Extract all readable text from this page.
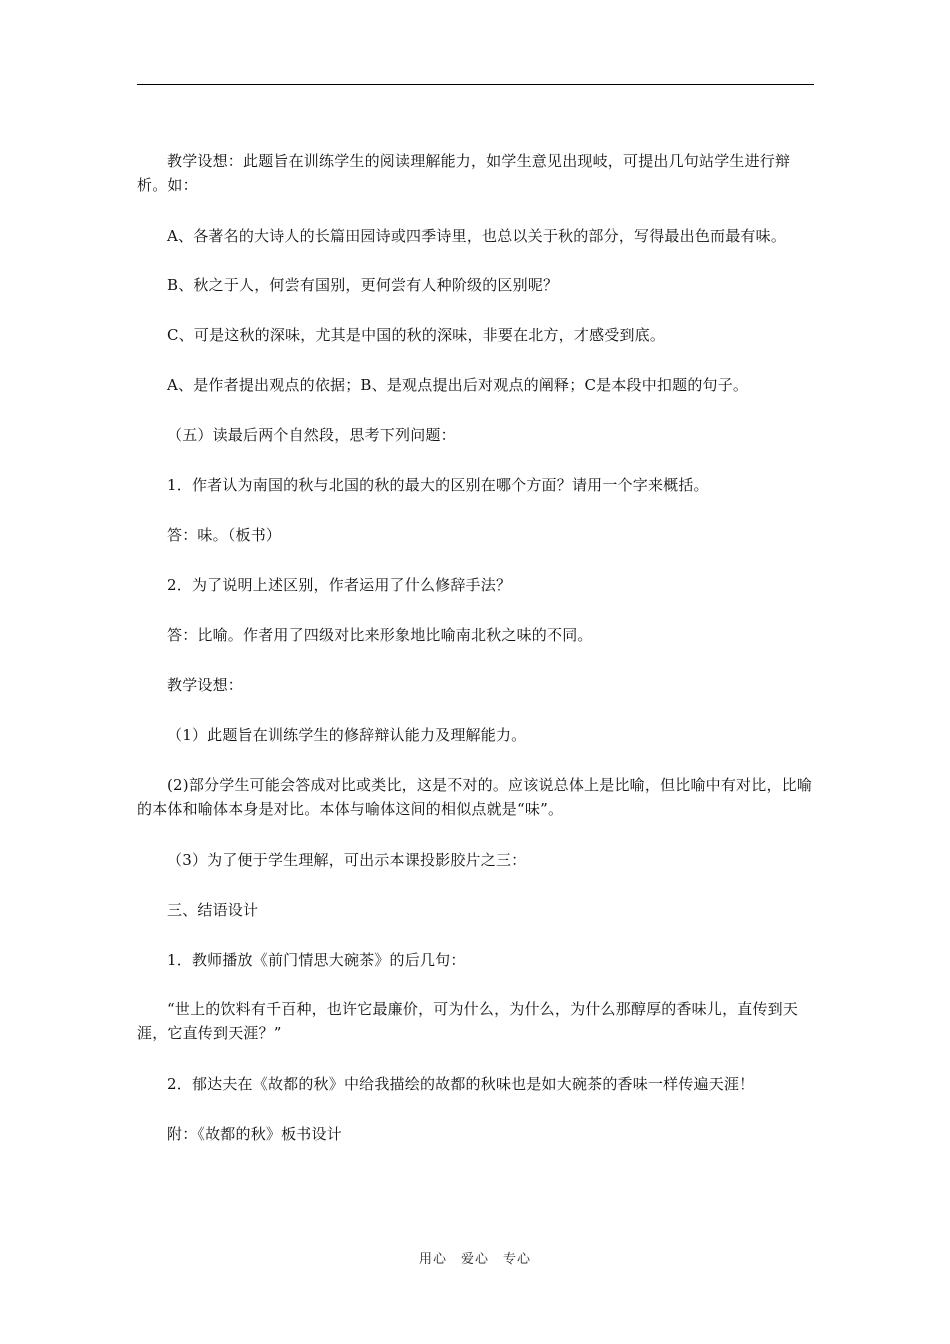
教学设想：此题旨在训练学生的阅读理解能力，如学生意见出现岐，可提出几句站学生进行辩析。如：

A、各著名的大诗人的长篇田园诗或四季诗里，也总以关于秋的部分，写得最出色而最有味。

B、秋之于人，何尝有国别，更何尝有人种阶级的区别呢？

C、可是这秋的深味，尤其是中国的秋的深味，非要在北方，才感受到底。

A、是作者提出观点的依据；B、是观点提出后对观点的阐释；C是本段中扣题的句子。

（五）读最后两个自然段，思考下列问题：

1．作者认为南国的秋与北国的秋的最大的区别在哪个方面？请用一个字来概括。

答：味。（板书）

2．为了说明上述区别，作者运用了什么修辞手法？

答：比喻。作者用了四级对比来形象地比喻南北秋之味的不同。

教学设想：

（1）此题旨在训练学生的修辞辩认能力及理解能力。

(2)部分学生可能会答成对比或类比，这是不对的。应该说总体上是比喻，但比喻中有对比，比喻的本体和喻体本身是对比。本体与喻体这间的相似点就是“味”。

（3）为了便于学生理解，可出示本课投影胶片之三：

三、结语设计

1．教师播放《前门情思大碗茶》的后几句：

“世上的饮料有千百种，也许它最廉价，可为什么，为什么，为什么那醇厚的香味儿，直传到天涯，它直传到天涯？”

2．郁达夫在《故都的秋》中给我描绘的故都的秋味也是如大碗茶的香味一样传遍天涯！

附：《故都的秋》板书设计

用心　爱心　专心
